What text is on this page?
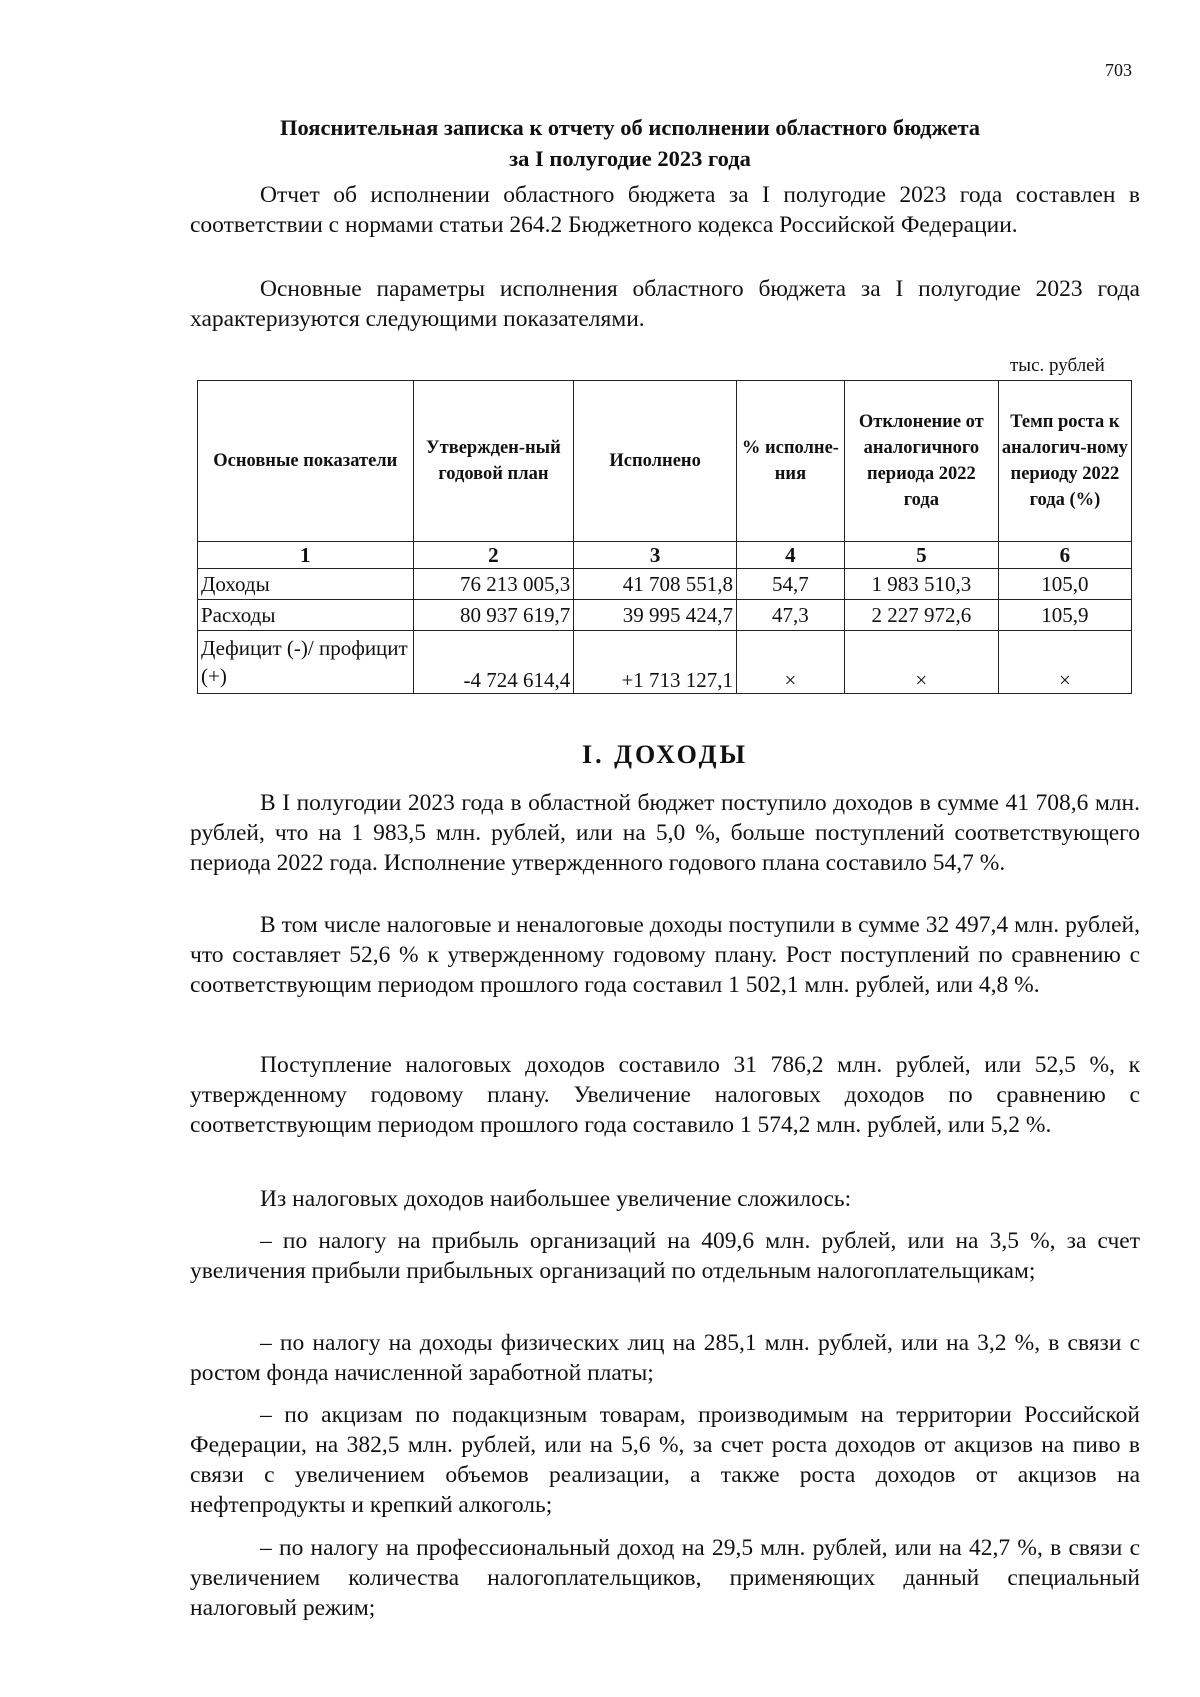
703
Пояснительная записка к отчету об исполнении областного бюджета
за I полугодие 2023 года

Отчет об исполнении областного бюджета за I полугодие 2023 года составлен в соответствии с нормами статьи 264.2 Бюджетного кодекса Российской Федерации.

Основные параметры исполнения областного бюджета за I полугодие 2023 года характеризуются следующими показателями.

тыс. рублей
Основные показатели	Утвержден-ный годовой план	Исполнено	% исполне-ния	Отклонение от аналогичного периода 2022 года	Темп роста к аналогич-ному периоду 2022 года (%)
1	2	3	4	5	6
Доходы	76 213 005,3	41 708 551,8	54,7	1 983 510,3	105,0
Расходы	80 937 619,7	39 995 424,7	47,3	2 227 972,6	105,9
Дефицит (-)/ профицит (+)	-4 724 614,4	+1 713 127,1	×	×	×
I. ДОХОДЫ

В I полугодии 2023 года в областной бюджет поступило доходов в сумме 41 708,6 млн. рублей, что на 1 983,5 млн. рублей, или на 5,0 %, больше поступлений соответствующего периода 2022 года. Исполнение утвержденного годового плана составило 54,7 %.

В том числе налоговые и неналоговые доходы поступили в сумме 32 497,4 млн. рублей, что составляет 52,6 % к утвержденному годовому плану. Рост поступлений по сравнению с соответствующим периодом прошлого года составил 1 502,1 млн. рублей, или 4,8 %.

Поступление налоговых доходов составило 31 786,2 млн. рублей, или 52,5 %, к утвержденному годовому плану. Увеличение налоговых доходов по сравнению с соответствующим периодом прошлого года составило 1 574,2 млн. рублей, или 5,2 %.

Из налоговых доходов наибольшее увеличение сложилось:

– по налогу на прибыль организаций на 409,6 млн. рублей, или на 3,5 %, за счет увеличения прибыли прибыльных организаций по отдельным налогоплательщикам;

– по налогу на доходы физических лиц на 285,1 млн. рублей, или на 3,2 %, в связи с ростом фонда начисленной заработной платы;

– по акцизам по подакцизным товарам, производимым на территории Российской Федерации, на 382,5 млн. рублей, или на 5,6 %, за счет роста доходов от акцизов на пиво в связи с увеличением объемов реализации, а также роста доходов от акцизов на нефтепродукты и крепкий алкоголь;

– по налогу на профессиональный доход на 29,5 млн. рублей, или на 42,7 %, в связи с увеличением количества налогоплательщиков, применяющих данный специальный налоговый режим;
